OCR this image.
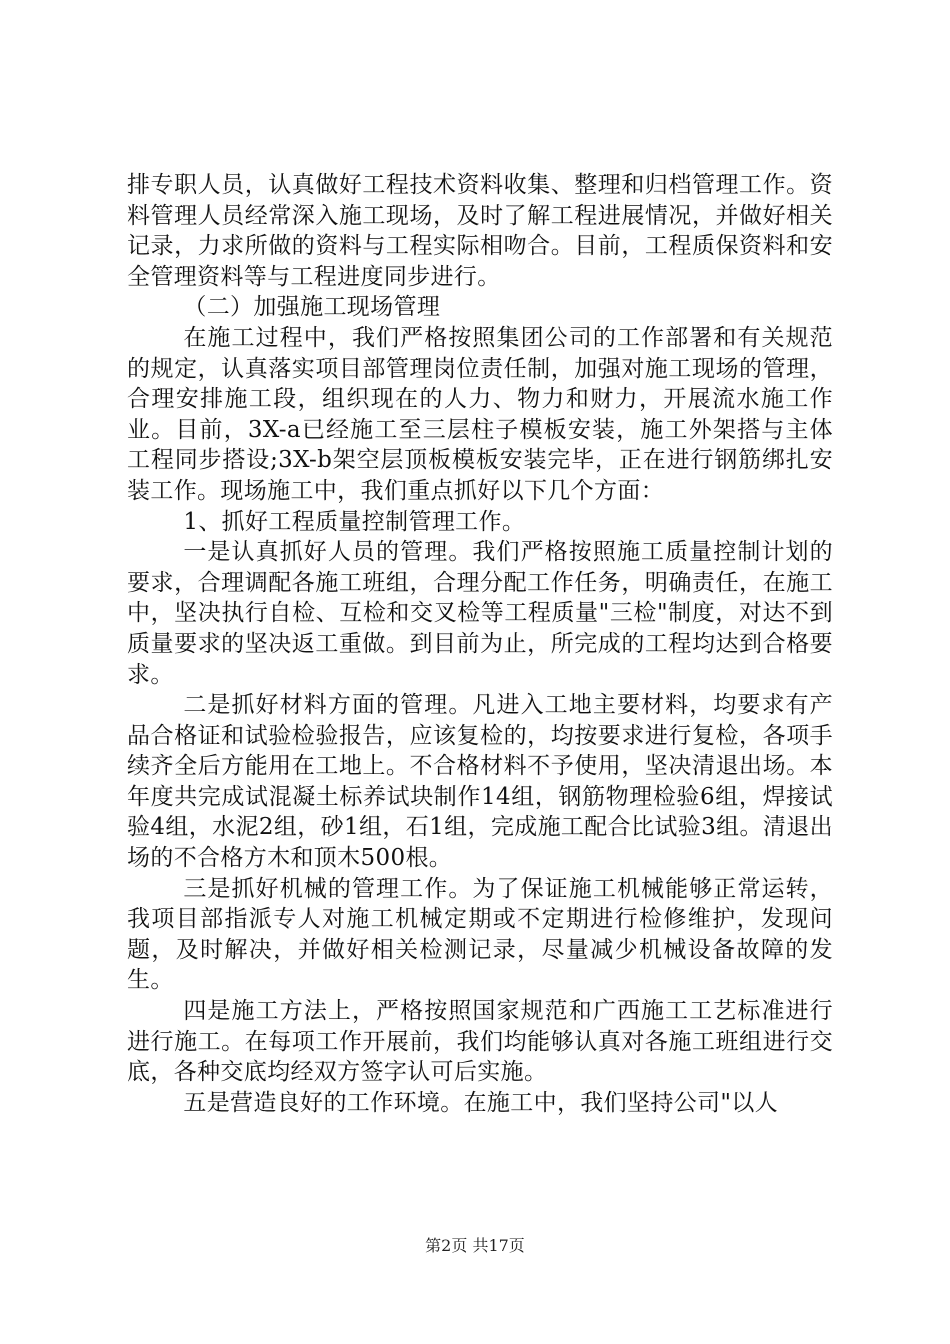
排专职人员，认真做好工程技术资料收集、整理和归档管理工作。资料管理人员经常深入施工现场，及时了解工程进展情况，并做好相关记录，力求所做的资料与工程实际相吻合。目前，工程质保资料和安全管理资料等与工程进度同步进行。

（二）加强施工现场管理

在施工过程中，我们严格按照集团公司的工作部署和有关规范的规定，认真落实项目部管理岗位责任制，加强对施工现场的管理，合理安排施工段，组织现在的人力、物力和财力，开展流水施工作业。目前，3X-a已经施工至三层柱子模板安装，施工外架搭与主体工程同步搭设;3X-b架空层顶板模板安装完毕，正在进行钢筋绑扎安装工作。现场施工中，我们重点抓好以下几个方面：

1、抓好工程质量控制管理工作。

一是认真抓好人员的管理。我们严格按照施工质量控制计划的要求，合理调配各施工班组，合理分配工作任务，明确责任，在施工中，坚决执行自检、互检和交叉检等工程质量"三检"制度，对达不到质量要求的坚决返工重做。到目前为止，所完成的工程均达到合格要求。

二是抓好材料方面的管理。凡进入工地主要材料，均要求有产品合格证和试验检验报告，应该复检的，均按要求进行复检，各项手续齐全后方能用在工地上。不合格材料不予使用，坚决清退出场。本年度共完成试混凝土标养试块制作14组，钢筋物理检验6组，焊接试验4组，水泥2组，砂1组，石1组，完成施工配合比试验3组。清退出场的不合格方木和顶木500根。

三是抓好机械的管理工作。为了保证施工机械能够正常运转，我项目部指派专人对施工机械定期或不定期进行检修维护，发现问题，及时解决，并做好相关检测记录，尽量减少机械设备故障的发生。

四是施工方法上，严格按照国家规范和广西施工工艺标准进行进行施工。在每项工作开展前，我们均能够认真对各施工班组进行交底，各种交底均经双方签字认可后实施。

五是营造良好的工作环境。在施工中，我们坚持公司"以人

第2页 共17页
